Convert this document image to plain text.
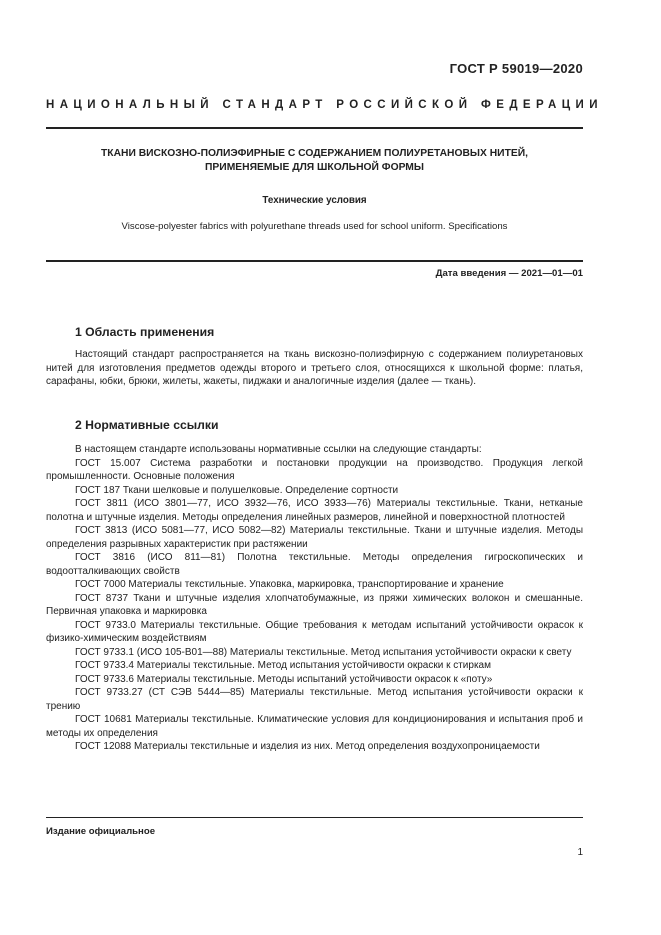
ГОСТ Р 59019—2020
НАЦИОНАЛЬНЫЙ СТАНДАРТ РОССИЙСКОЙ ФЕДЕРАЦИИ
ТКАНИ ВИСКОЗНО-ПОЛИЭФИРНЫЕ С СОДЕРЖАНИЕМ ПОЛИУРЕТАНОВЫХ НИТЕЙ,
ПРИМЕНЯЕМЫЕ ДЛЯ ШКОЛЬНОЙ ФОРМЫ
Технические условия
Viscose-polyester fabrics with polyurethane threads used for school uniform. Specifications
Дата введения — 2021—01—01
1 Область применения

Настоящий стандарт распространяется на ткань вискозно-полиэфирную с содержанием полиуретановых нитей для изготовления предметов одежды второго и третьего слоя, относящихся к школьной форме: платья, сарафаны, юбки, брюки, жилеты, жакеты, пиджаки и аналогичные изделия (далее — ткань).

2 Нормативные ссылки

В настоящем стандарте использованы нормативные ссылки на следующие стандарты:

ГОСТ 15.007 Система разработки и постановки продукции на производство. Продукция легкой промышленности. Основные положения

ГОСТ 187 Ткани шелковые и полушелковые. Определение сортности

ГОСТ 3811 (ИСО 3801—77, ИСО 3932—76, ИСО 3933—76) Материалы текстильные. Ткани, нетканые полотна и штучные изделия. Методы определения линейных размеров, линейной и поверхностной плотностей

ГОСТ 3813 (ИСО 5081—77, ИСО 5082—82) Материалы текстильные. Ткани и штучные изделия. Методы определения разрывных характеристик при растяжении

ГОСТ 3816 (ИСО 811—81) Полотна текстильные. Методы определения гигроскопических и водоотталкивающих свойств

ГОСТ 7000 Материалы текстильные. Упаковка, маркировка, транспортирование и хранение

ГОСТ 8737 Ткани и штучные изделия хлопчатобумажные, из пряжи химических волокон и смешанные. Первичная упаковка и маркировка

ГОСТ 9733.0 Материалы текстильные. Общие требования к методам испытаний устойчивости окрасок к физико-химическим воздействиям

ГОСТ 9733.1 (ИСО 105-В01—88) Материалы текстильные. Метод испытания устойчивости окраски к свету

ГОСТ 9733.4 Материалы текстильные. Метод испытания устойчивости окраски к стиркам

ГОСТ 9733.6 Материалы текстильные. Методы испытаний устойчивости окрасок к «поту»

ГОСТ 9733.27 (СТ СЭВ 5444—85) Материалы текстильные. Метод испытания устойчивости окраски к трению

ГОСТ 10681 Материалы текстильные. Климатические условия для кондиционирования и испытания проб и методы их определения

ГОСТ 12088 Материалы текстильные и изделия из них. Метод определения воздухопроницаемости

Издание официальное
1
